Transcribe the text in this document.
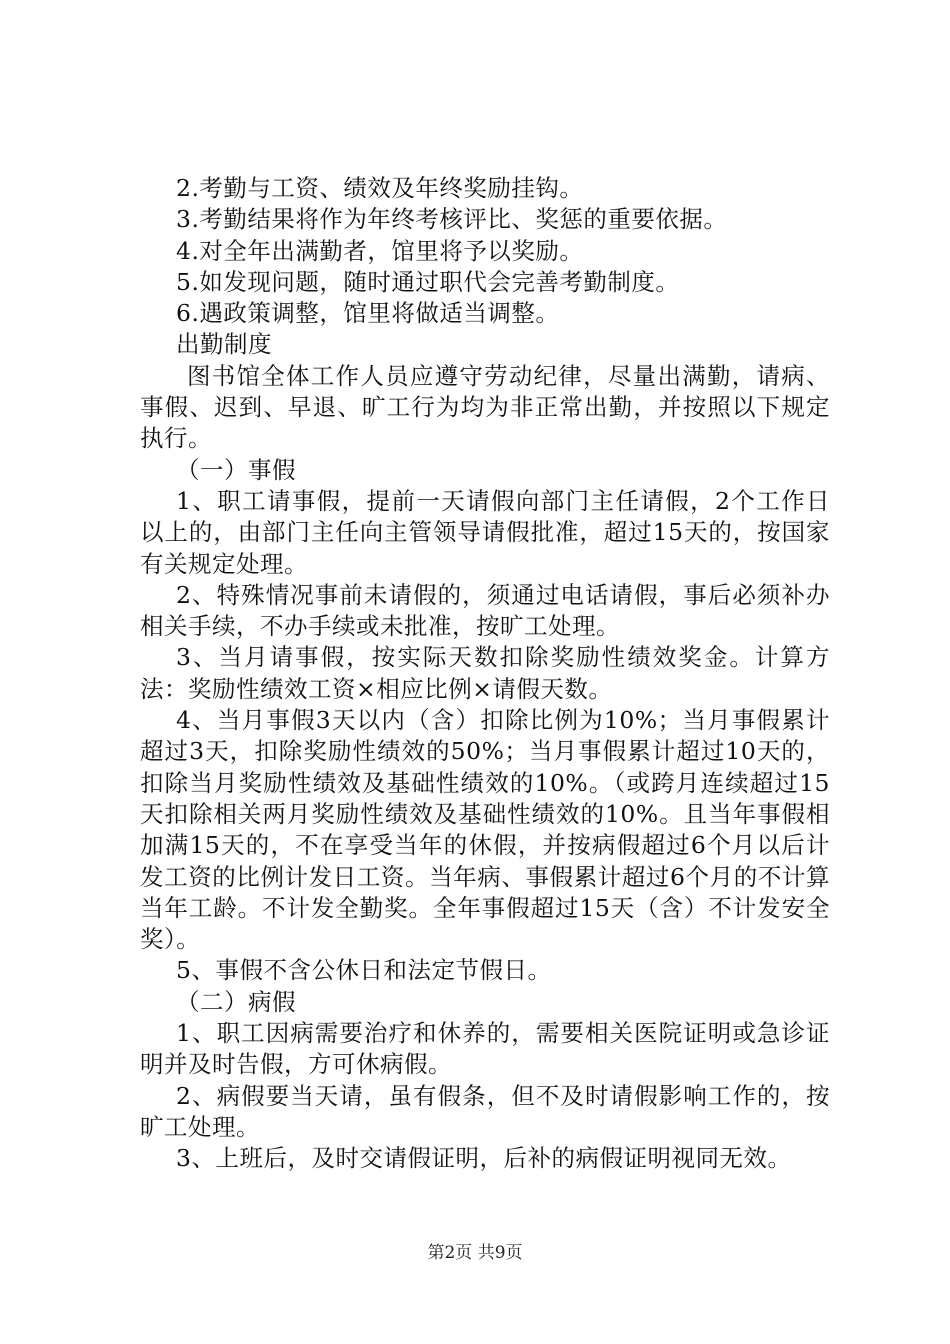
2.考勤与工资、绩效及年终奖励挂钩。

3.考勤结果将作为年终考核评比、奖惩的重要依据。

4.对全年出满勤者，馆里将予以奖励。

5.如发现问题，随时通过职代会完善考勤制度。

6.遇政策调整，馆里将做适当调整。

出勤制度

图书馆全体工作人员应遵守劳动纪律，尽量出满勤，请病、事假、迟到、早退、旷工行为均为非正常出勤，并按照以下规定执行。

（一）事假

1、职工请事假，提前一天请假向部门主任请假，2个工作日以上的，由部门主任向主管领导请假批准，超过15天的，按国家有关规定处理。

2、特殊情况事前未请假的，须通过电话请假，事后必须补办相关手续，不办手续或未批准，按旷工处理。

3、当月请事假，按实际天数扣除奖励性绩效奖金。计算方法：奖励性绩效工资×相应比例×请假天数。

4、当月事假3天以内（含）扣除比例为10%；当月事假累计超过3天，扣除奖励性绩效的50%；当月事假累计超过10天的，扣除当月奖励性绩效及基础性绩效的10%。（或跨月连续超过15天扣除相关两月奖励性绩效及基础性绩效的10%。且当年事假相加满15天的，不在享受当年的休假，并按病假超过6个月以后计发工资的比例计发日工资。当年病、事假累计超过6个月的不计算当年工龄。不计发全勤奖。全年事假超过15天（含）不计发安全奖）。

5、事假不含公休日和法定节假日。

（二）病假

1、职工因病需要治疗和休养的，需要相关医院证明或急诊证明并及时告假，方可休病假。

2、病假要当天请，虽有假条，但不及时请假影响工作的，按旷工处理。

3、上班后，及时交请假证明，后补的病假证明视同无效。

第2页 共9页
